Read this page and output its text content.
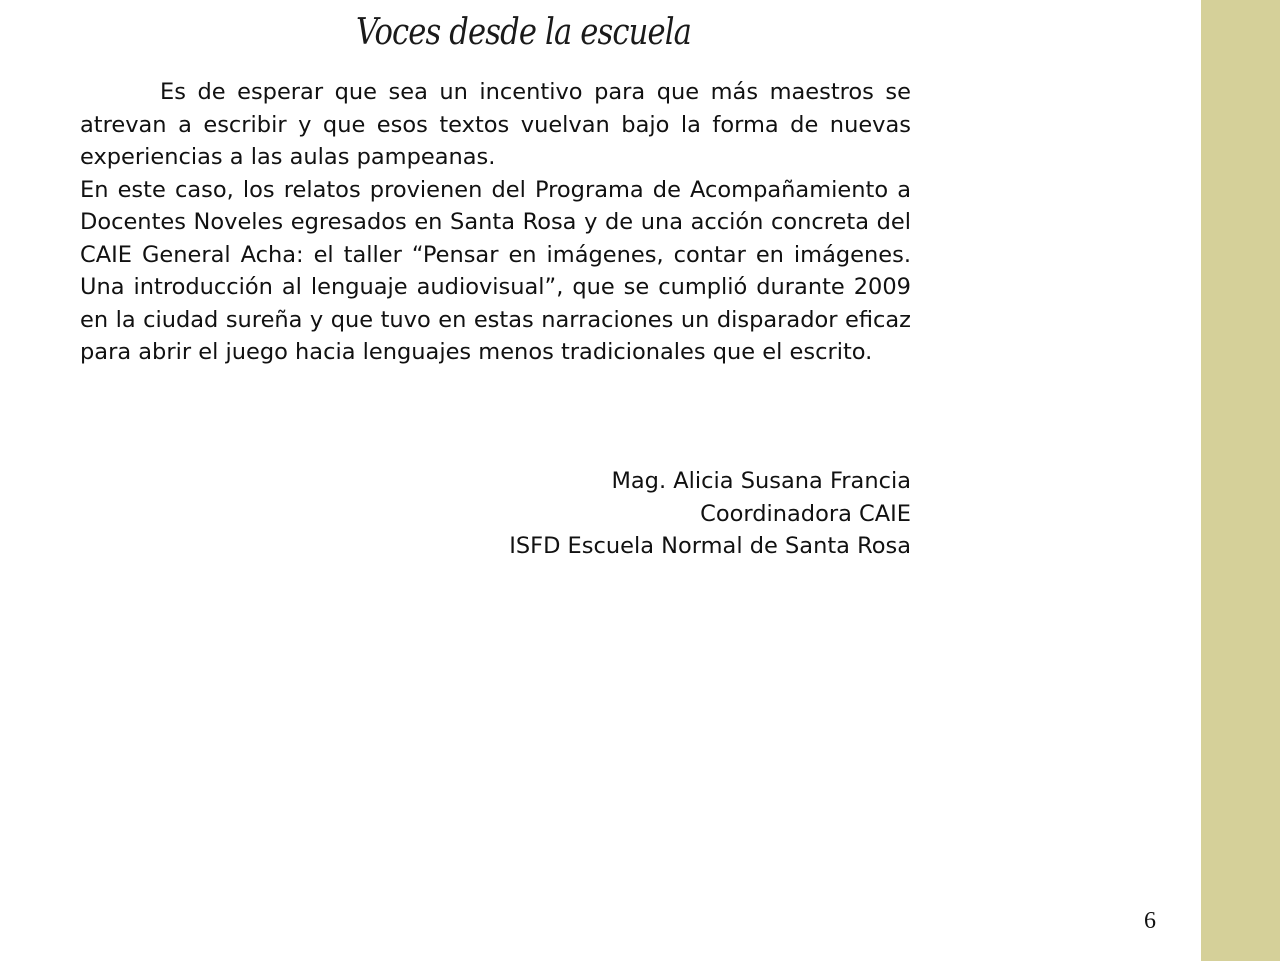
Voces desde la escuela

Es de esperar que sea un incentivo para que más maestros se atrevan a escribir y que esos textos vuelvan bajo la forma de nuevas experiencias a las aulas pampeanas.

En este caso, los relatos provienen del Programa de Acompañamiento a Docentes Noveles egresados en Santa Rosa y de una acción concreta del CAIE General Acha: el taller “Pensar en imágenes, contar en imágenes. Una introducción al lenguaje audiovisual”, que se cumplió durante 2009 en la ciudad sureña y que tuvo en estas narraciones un disparador eficaz para abrir el juego hacia lenguajes menos tradicionales que el escrito.

Mag. Alicia Susana Francia
Coordinadora CAIE
ISFD Escuela Normal de Santa Rosa
6
